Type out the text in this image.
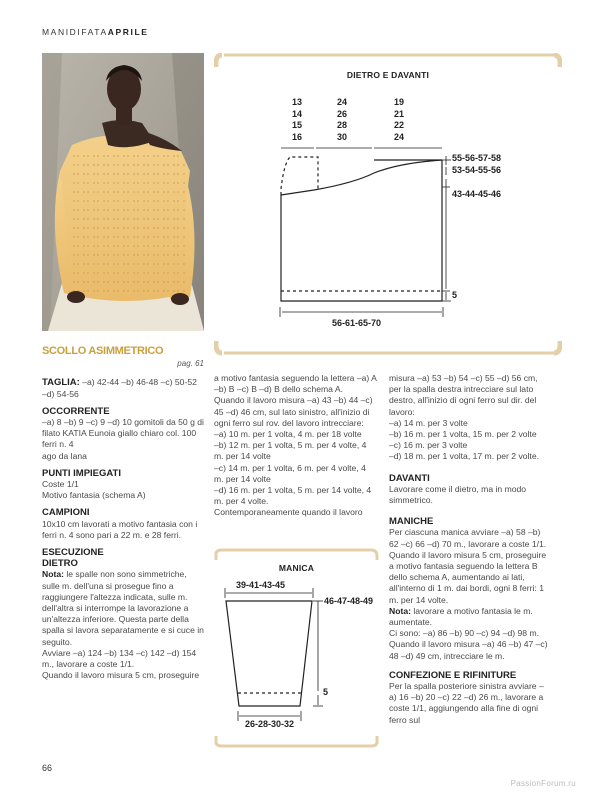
MANIDIFATAAPRILE
DIETRO E DAVANTI
13
14
15
16
24
26
28
30
19
21
22
24
55-56-57-58
53-54-55-56
43-44-45-46
5
56-61-65-70

SCOLLO ASIMMETRICO

pag. 61

TAGLIA: –a) 42-44 –b) 46-48 –c) 50-52 –d) 54-56

OCCORRENTE

–a) 8 –b) 9 –c) 9 –d) 10 gomitoli da 50 g di filato KATIA Eunoia giallo chiaro col. 100

ferri n. 4

ago da lana

PUNTI IMPIEGATI

Coste 1/1

Motivo fantasia (schema A)

CAMPIONI

10x10 cm lavorati a motivo fantasia con i ferri n. 4 sono pari a 22 m. e 28 ferri.

ESECUZIONE

DIETRO

Nota: le spalle non sono simmetriche, sulle m. dell'una si prosegue fino a raggiungere l'altezza indicata, sulle m. dell'altra si interrompe la lavorazione a un'altezza inferiore. Questa parte della spalla si lavora separatamente e si cuce in seguito.

Avviare –a) 124 –b) 134 –c) 142 –d) 154 m., lavorare a coste 1/1.

Quando il lavoro misura 5 cm, proseguire

a motivo fantasia seguendo la lettera –a) A –b) B –c) B –d) B dello schema A.

Quando il lavoro misura –a) 43 –b) 44 –c) 45 –d) 46 cm, sul lato sinistro, all'inizio di ogni ferro sul rov. del lavoro intrecciare:

–a) 10 m. per 1 volta, 4 m. per 18 volte

–b) 12 m. per 1 volta, 5 m. per 4 volte, 4 m. per 14 volte

–c) 14 m. per 1 volta, 6 m. per 4 volte, 4 m. per 14 volte

–d) 16 m. per 1 volta, 5 m. per 14 volte, 4 m. per 4 volte.

Contemporaneamente quando il lavoro

MANICA
39-41-43-45
46-47-48-49
5
26-28-30-32

misura –a) 53 –b) 54 –c) 55 –d) 56 cm, per la spalla destra intrecciare sul lato destro, all'inizio di ogni ferro sul dir. del lavoro:

–a) 14 m. per 3 volte

–b) 16 m. per 1 volta, 15 m. per 2 volte

–c) 16 m. per 3 volte

–d) 18 m. per 1 volta, 17 m. per 2 volte.

DAVANTI

Lavorare come il dietro, ma in modo simmetrico.

MANICHE

Per ciascuna manica avviare –a) 58 –b) 62 –c) 66 –d) 70 m., lavorare a coste 1/1. Quando il lavoro misura 5 cm, proseguire a motivo fantasia seguendo la lettera B dello schema A, aumentando ai lati, all'interno di 1 m. dai bordi, ogni 8 ferri: 1 m. per 14 volte.

Nota: lavorare a motivo fantasia le m. aumentate.

Ci sono: –a) 86 –b) 90 –c) 94 –d) 98 m.

Quando il lavoro misura –a) 46 –b) 47 –c) 48 –d) 49 cm, intrecciare le m.

CONFEZIONE E RIFINITURE

Per la spalla posteriore sinistra avviare –a) 16 –b) 20 –c) 22 –d) 26 m., lavorare a coste 1/1, aggiungendo alla fine di ogni ferro sul

66
PassionForum.ru
